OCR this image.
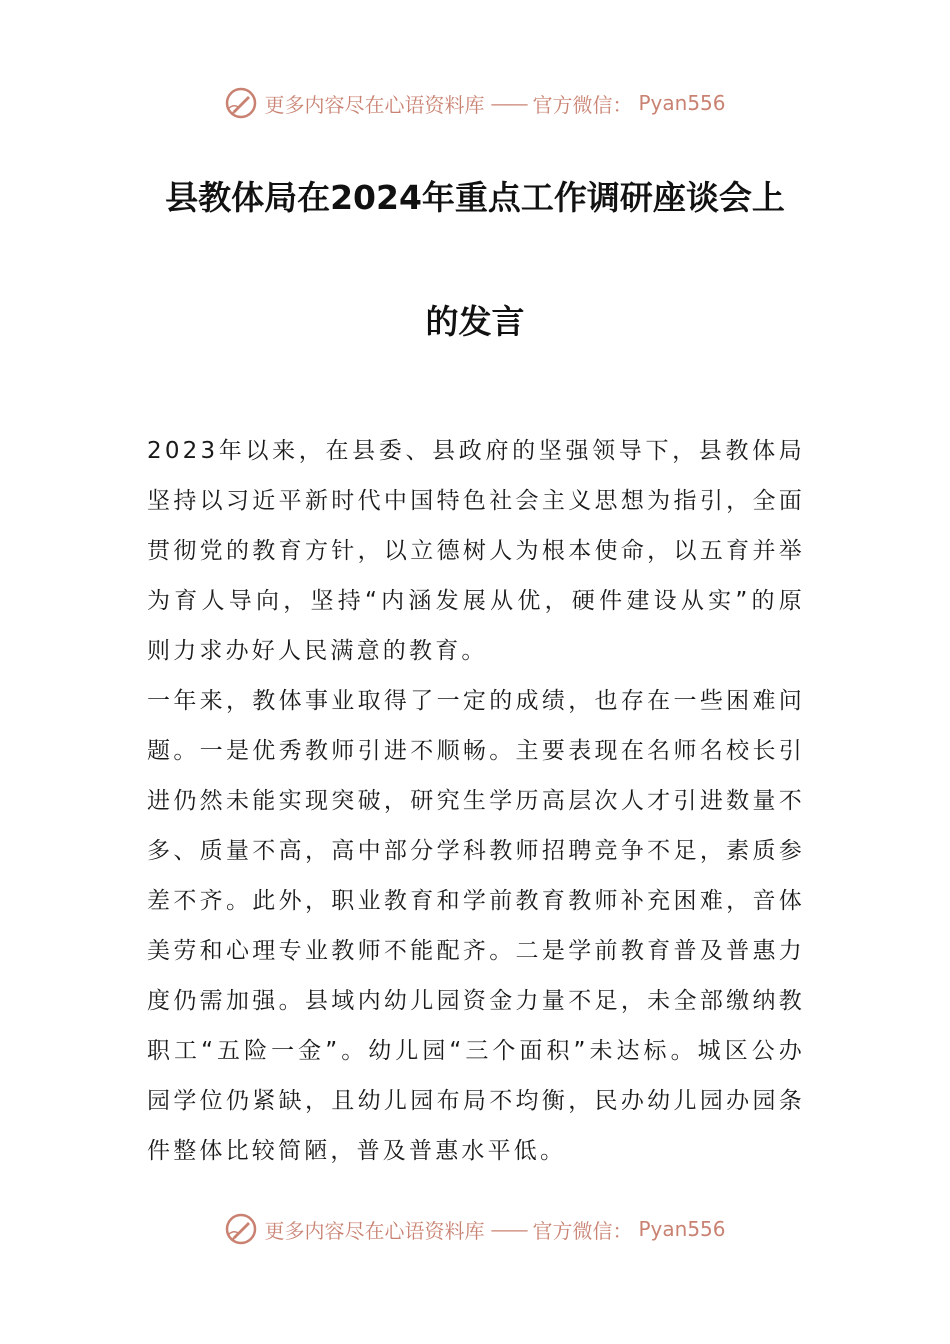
更多内容尽在心语资料库 —— 官方微信： Pyan556
县教体局在2024年重点工作调研座谈会上
的发言

2023年以来，在县委、县政府的坚强领导下，县教体局坚持以习近平新时代中国特色社会主义思想为指引，全面贯彻党的教育方针，以立德树人为根本使命，以五育并举为育人导向，坚持“内涵发展从优，硬件建设从实”的原则力求办好人民满意的教育。

一年来，教体事业取得了一定的成绩，也存在一些困难问题。一是优秀教师引进不顺畅。主要表现在名师名校长引进仍然未能实现突破，研究生学历高层次人才引进数量不多、质量不高，高中部分学科教师招聘竞争不足，素质参差不齐。此外，职业教育和学前教育教师补充困难，音体美劳和心理专业教师不能配齐。二是学前教育普及普惠力度仍需加强。县域内幼儿园资金力量不足，未全部缴纳教职工“五险一金”。幼儿园“三个面积”未达标。城区公办园学位仍紧缺，且幼儿园布局不均衡，民办幼儿园办园条件整体比较简陋，普及普惠水平低。

更多内容尽在心语资料库 —— 官方微信： Pyan556
